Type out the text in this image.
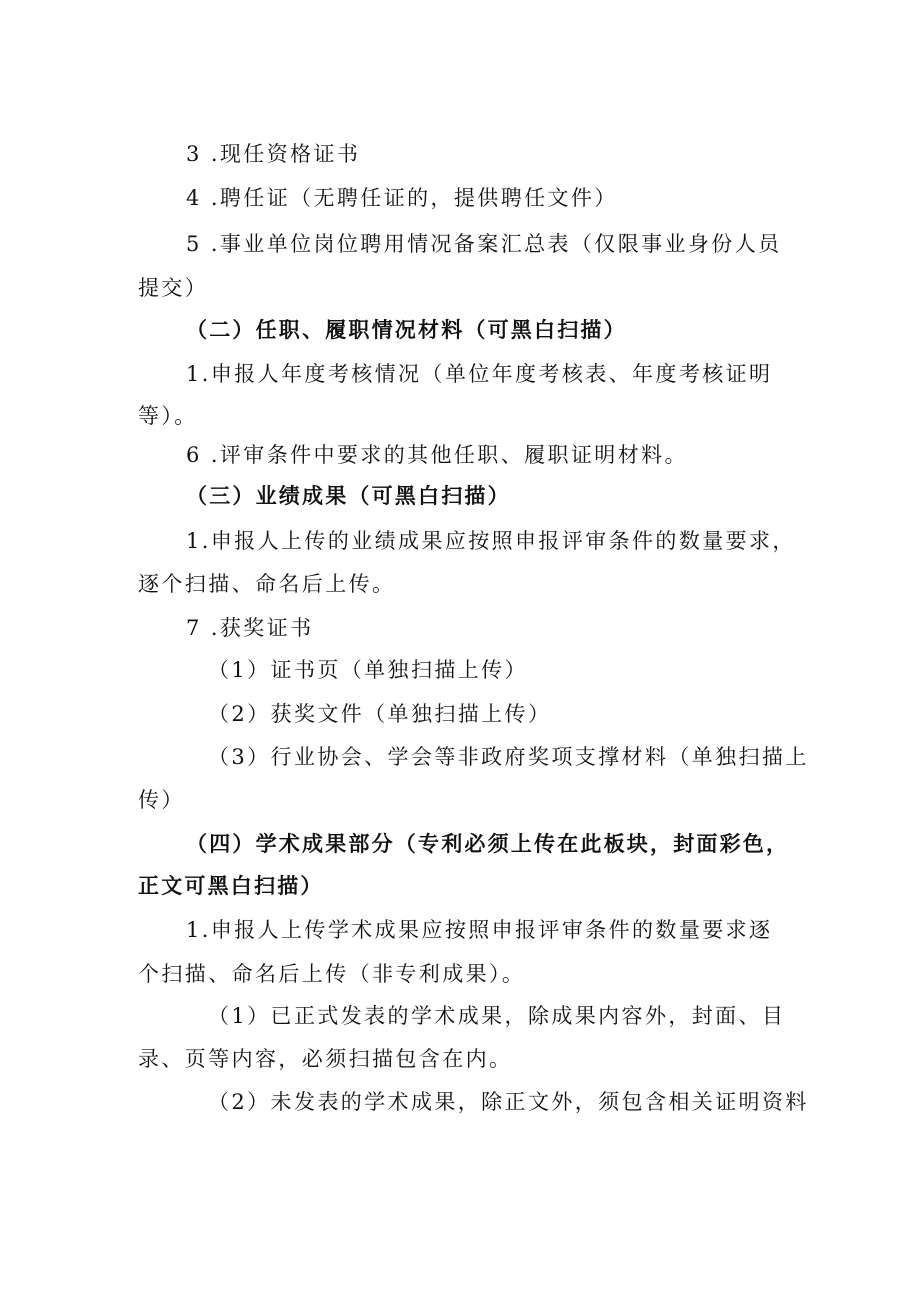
3 .现任资格证书
4 .聘任证（无聘任证的，提供聘任文件）
5 .事业单位岗位聘用情况备案汇总表（仅限事业身份人员
提交）
（二）任职、履职情况材料（可黑白扫描）
1.申报人年度考核情况（单位年度考核表、年度考核证明
等）。
6 .评审条件中要求的其他任职、履职证明材料。
（三）业绩成果（可黑白扫描）
1.申报人上传的业绩成果应按照申报评审条件的数量要求，
逐个扫描、命名后上传。
7 .获奖证书
（1）证书页（单独扫描上传）
（2）获奖文件（单独扫描上传）
（3）行业协会、学会等非政府奖项支撑材料（单独扫描上
传）
（四）学术成果部分（专利必须上传在此板块，封面彩色，
正文可黑白扫描）
1.申报人上传学术成果应按照申报评审条件的数量要求逐
个扫描、命名后上传（非专利成果）。
（1）已正式发表的学术成果，除成果内容外，封面、目
录、页等内容，必须扫描包含在内。
（2）未发表的学术成果，除正文外，须包含相关证明资料
